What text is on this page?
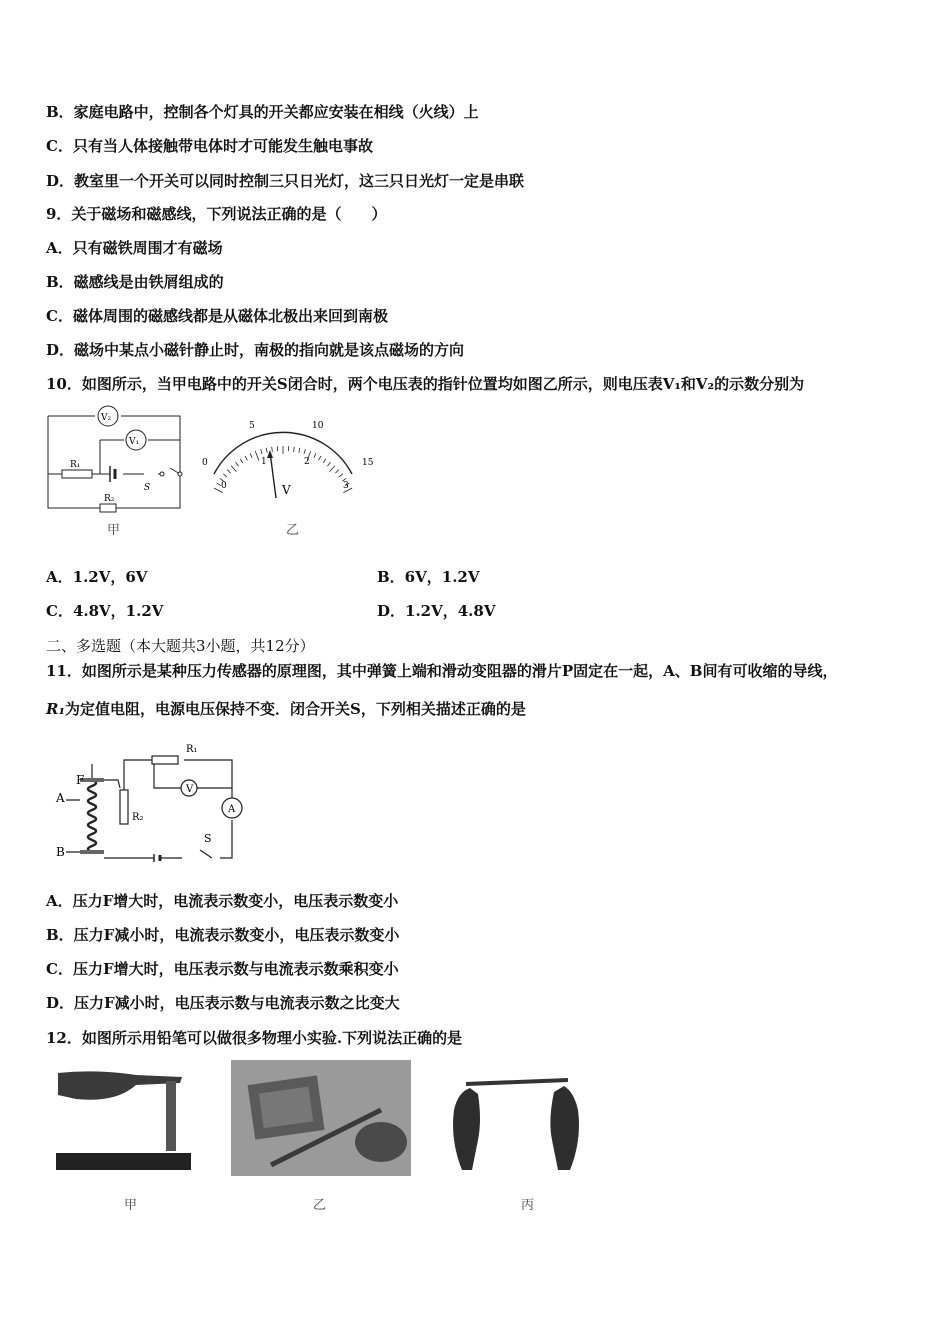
B．家庭电路中，控制各个灯具的开关都应安装在相线（火线）上
C．只有当人体接触带电体时才可能发生触电事故
D．教室里一个开关可以同时控制三只日光灯，这三只日光灯一定是串联
9．关于磁场和磁感线，下列说法正确的是（　　）
A．只有磁铁周围才有磁场
B．磁感线是由铁屑组成的
C．磁体周围的磁感线都是从磁体北极出来回到南极
D．磁场中某点小磁针静止时，南极的指向就是该点磁场的方向
10．如图所示，当甲电路中的开关S闭合时，两个电压表的指针位置均如图乙所示，则电压表V₁和V₂的示数分别为
V₂
V₁
R₁
R₂
S
甲
0
5	10
15
0
1	2
3
V
乙
A．1.2V，6V	B．6V，1.2V
C．4.8V，1.2V	D．1.2V，4.8V
二、多选题（本大题共3小题，共12分）
11．如图所示是某种压力传感器的原理图，其中弹簧上端和滑动变阻器的滑片P固定在一起，A、B间有可收缩的导线，
R₁为定值电阻，电源电压保持不变．闭合开关S，下列相关描述正确的是
F
A
B
R₁
R₂
V
A
S
A．压力F增大时，电流表示数变小，电压表示数变小
B．压力F减小时，电流表示数变小，电压表示数变小
C．压力F增大时，电压表示数与电流表示数乘积变小
D．压力F减小时，电压表示数与电流表示数之比变大
12．如图所示用铅笔可以做很多物理小实验.下列说法正确的是
甲	乙	丙
